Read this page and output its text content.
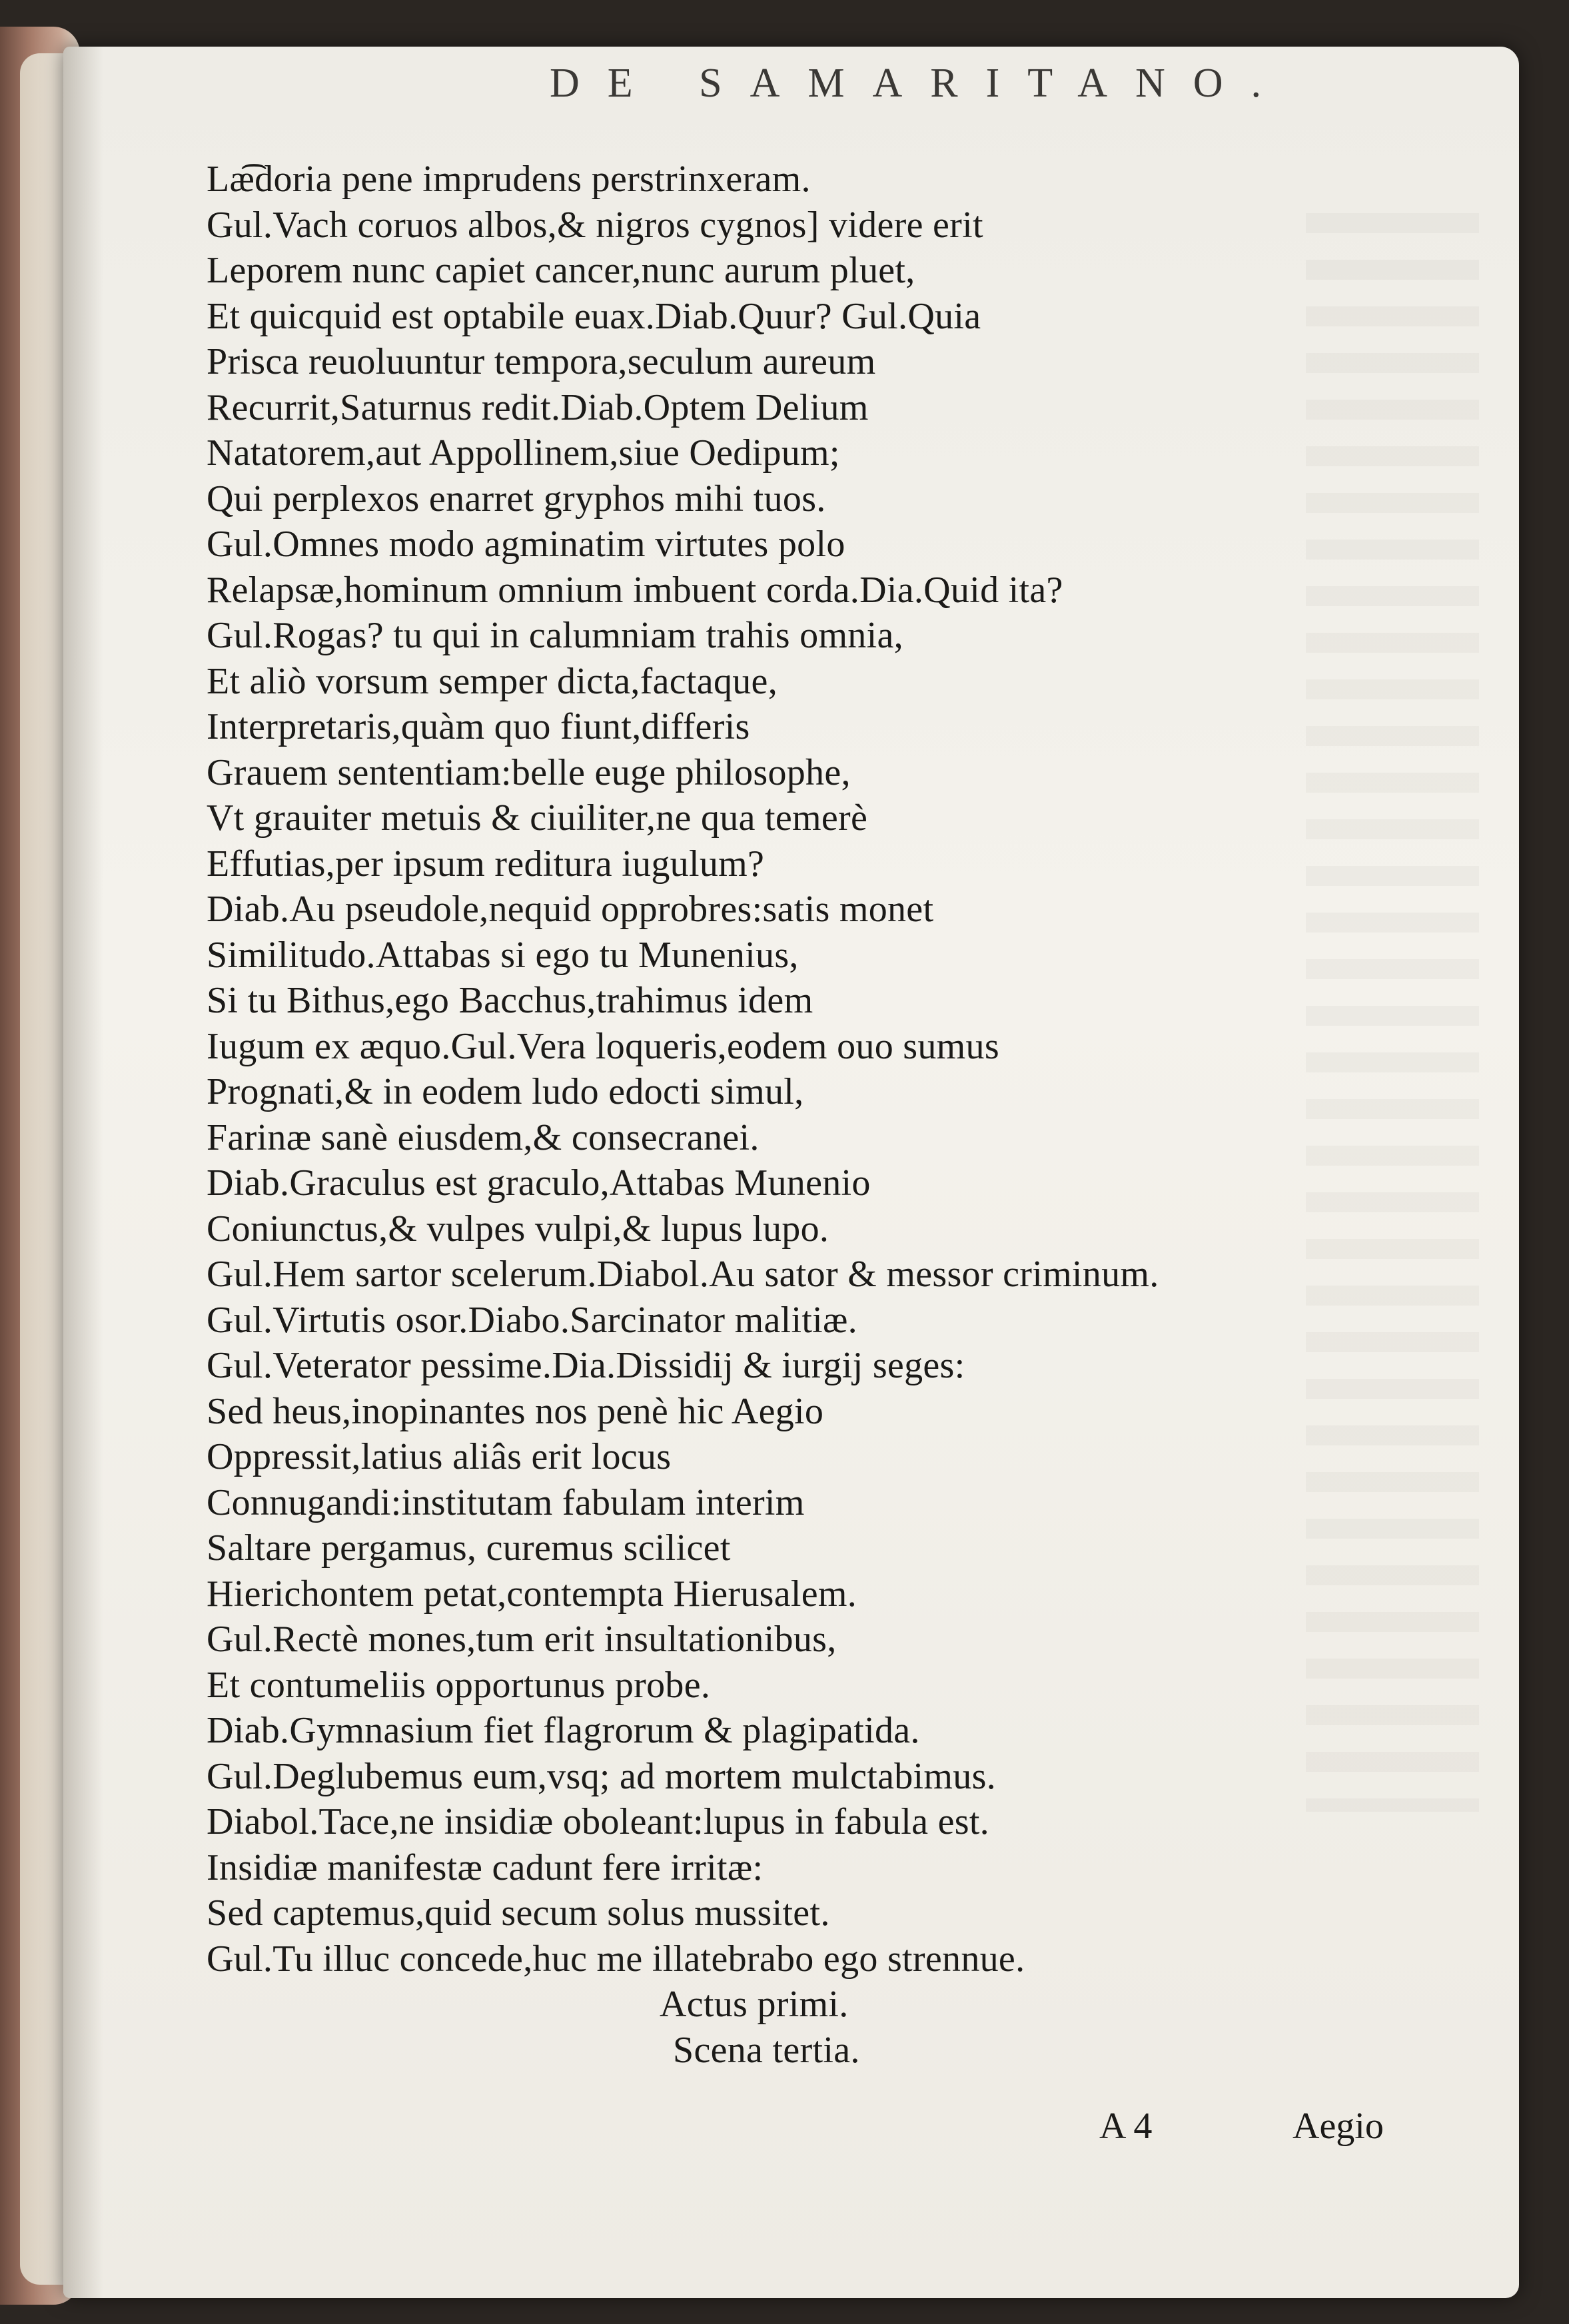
DE SAMARITANO.
Læ͡doria pene imprudens perstrinxeram.
Gul.Vach coruos albos,& nigros cygnos] videre erit
Leporem nunc capiet cancer,nunc aurum pluet,
Et quicquid est optabile euax.Diab.Quur? Gul.Quia
Prisca reuoluuntur tempora,seculum aureum
Recurrit,Saturnus redit.Diab.Optem Delium
Natatorem,aut Appollinem,siue Oedipum;
Qui perplexos enarret gryphos mihi tuos.
Gul.Omnes modo agminatim virtutes polo
Relapsæ,hominum omnium imbuent corda.Dia.Quid ita?
Gul.Rogas? tu qui in calumniam trahis omnia,
Et aliò vorsum semper dicta,factaque,
Interpretaris,quàm quo fiunt,differis
Grauem sententiam:belle euge philosophe,
Vt grauiter metuis & ciuiliter,ne qua temerè
Effutias,per ipsum reditura iugulum?
Diab.Au pseudole,nequid opprobres:satis monet
Similitudo.Attabas si ego tu Munenius,
Si tu Bithus,ego Bacchus,trahimus idem
Iugum ex æquo.Gul.Vera loqueris,eodem ouo sumus
Prognati,& in eodem ludo edocti simul,
Farinæ sanè eiusdem,& consecranei.
Diab.Graculus est graculo,Attabas Munenio
Coniunctus,& vulpes vulpi,& lupus lupo.
Gul.Hem sartor scelerum.Diabol.Au sator & messor criminum.
Gul.Virtutis osor.Diabo.Sarcinator malitiæ.
Gul.Veterator pessime.Dia.Dissidij & iurgij seges:
Sed heus,inopinantes nos penè hic Aegio
Oppressit,latius aliâs erit locus
Connugandi:institutam fabulam interim
Saltare pergamus, curemus scilicet
Hierichontem petat,contempta Hierusalem.
Gul.Rectè mones,tum erit insultationibus,
Et contumeliis opportunus probe.
Diab.Gymnasium fiet flagrorum & plagipatida.
Gul.Deglubemus eum,vsq; ad mortem mulctabimus.
Diabol.Tace,ne insidiæ oboleant:lupus in fabula est.
Insidiæ manifestæ cadunt fere irritæ:
Sed captemus,quid secum solus mussitet.
Gul.Tu illuc concede,huc me illatebrabo ego strennue.
Actus primi.
Scena tertia.
A 4	Aegio
